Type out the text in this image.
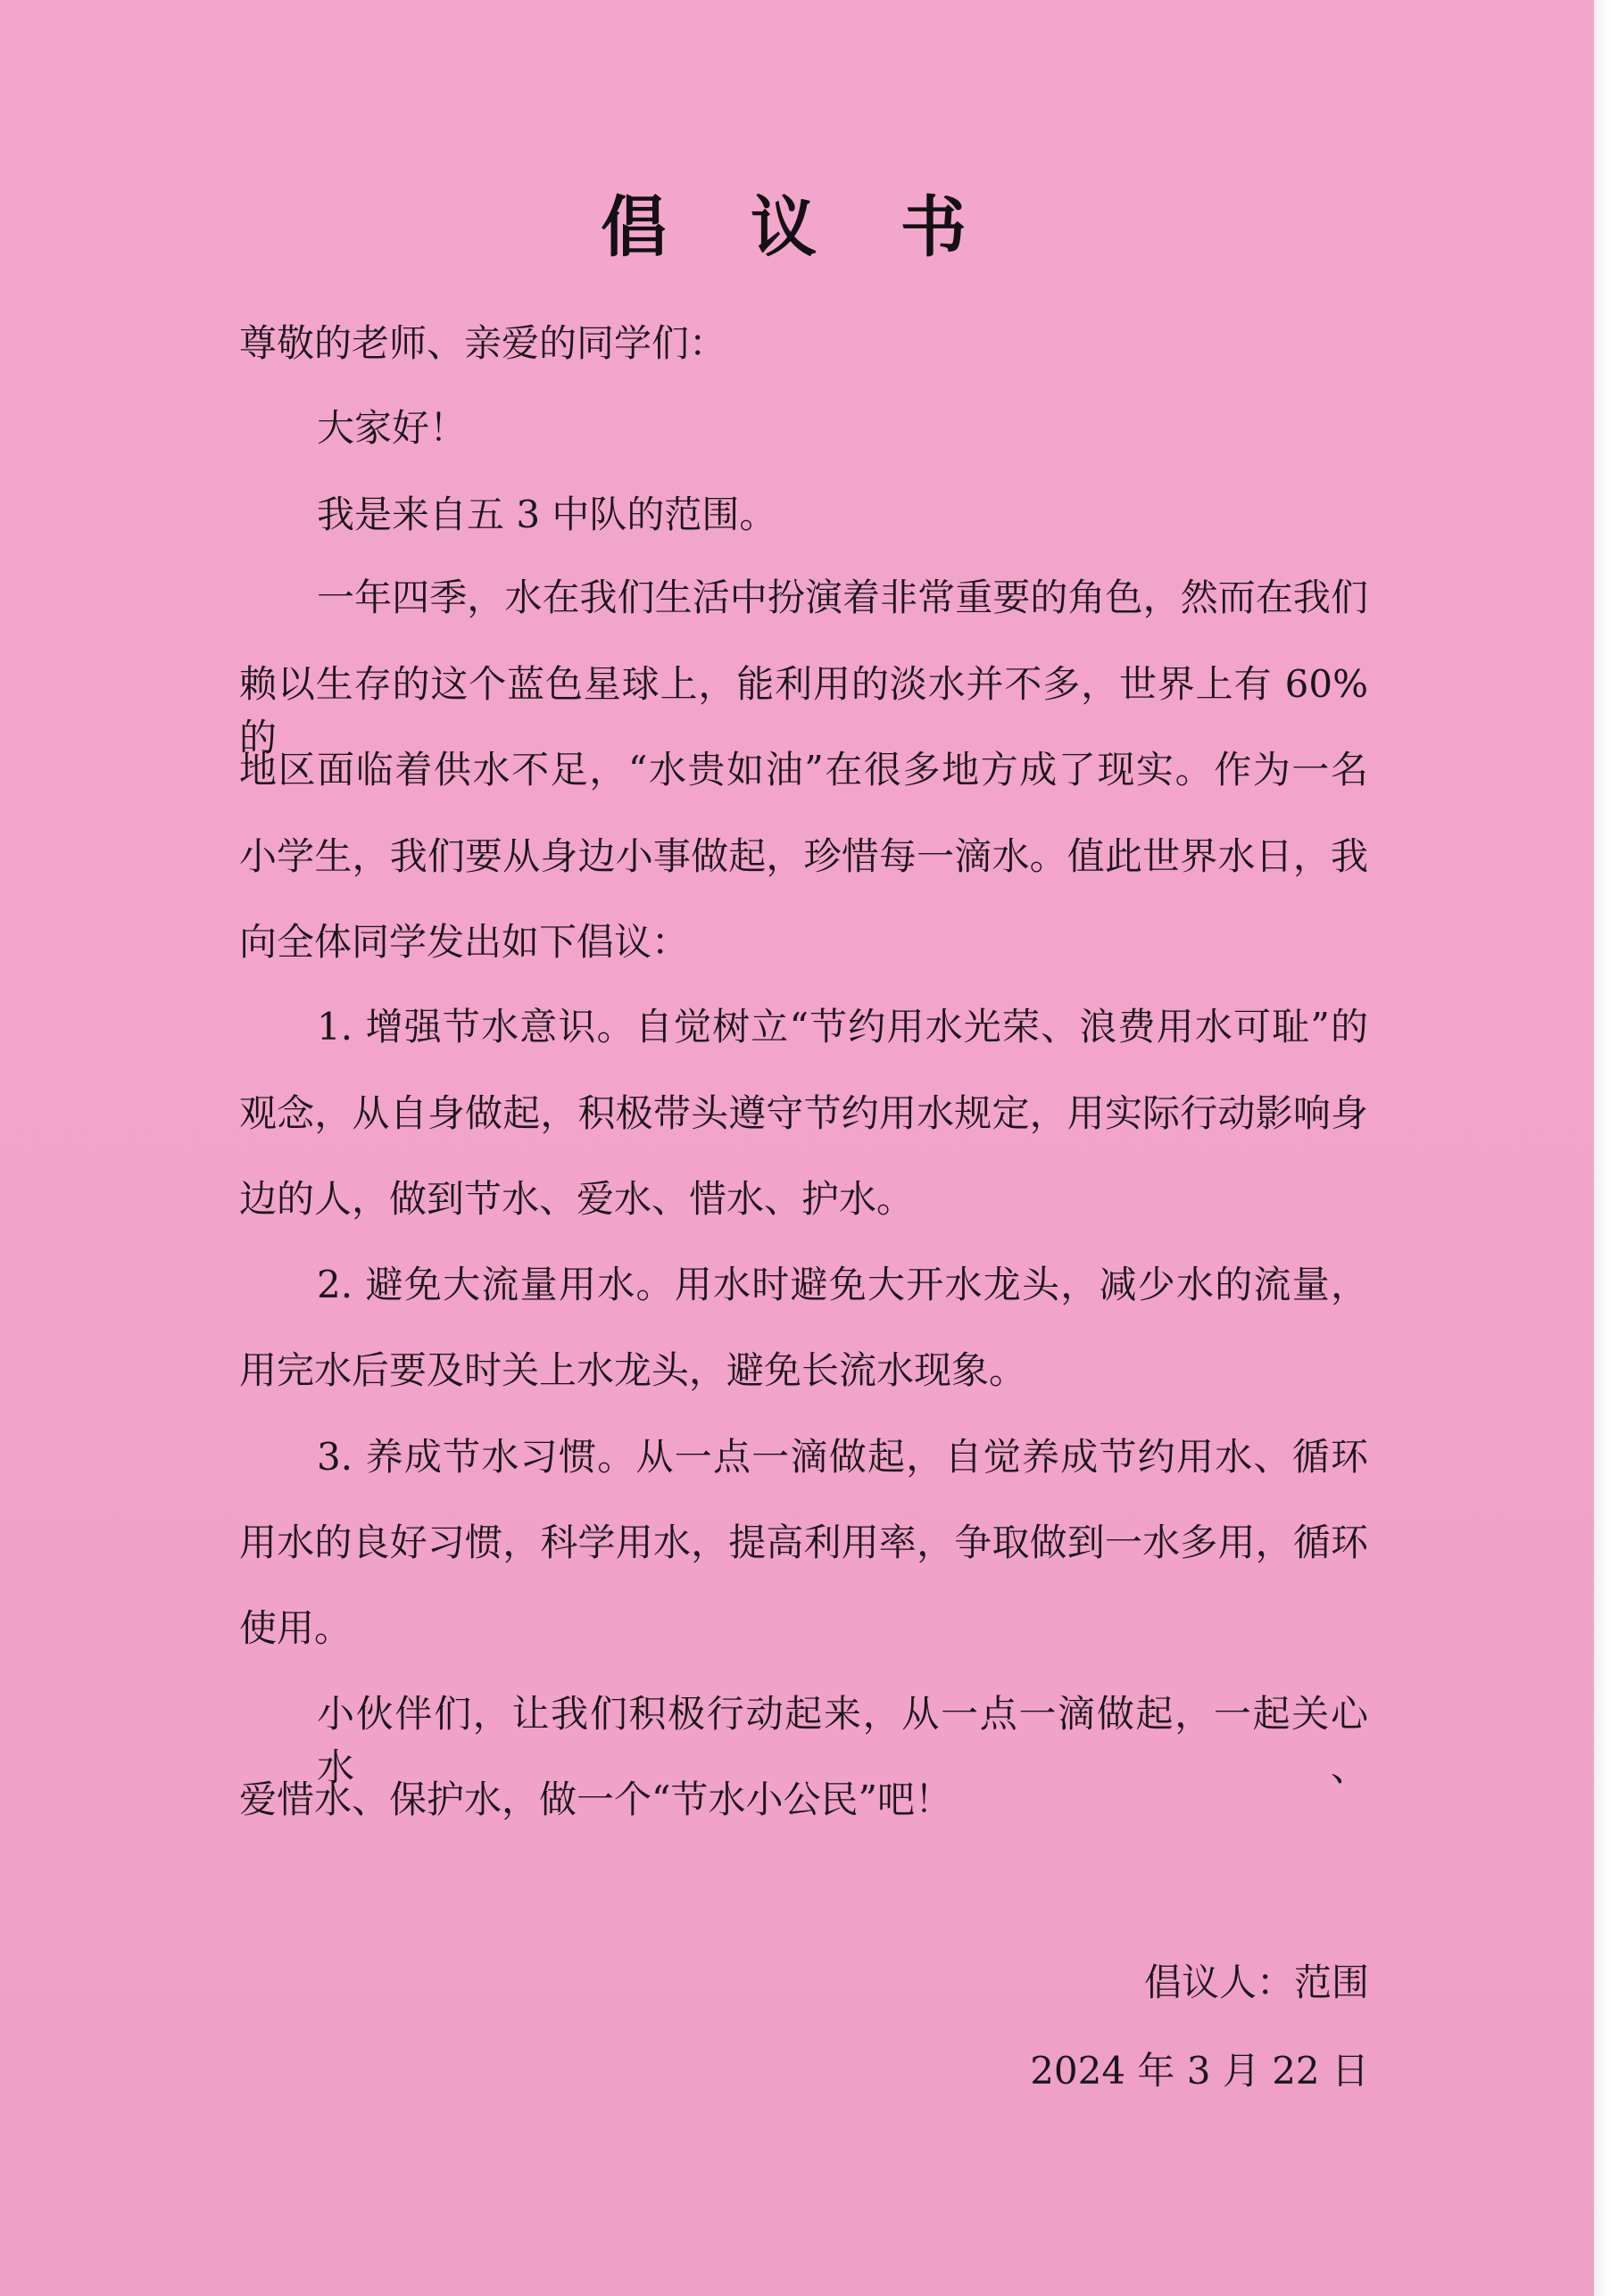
倡 议 书

尊敬的老师、亲爱的同学们：

大家好！

我是来自五 3 中队的范围。

一年四季，水在我们生活中扮演着非常重要的角色，然而在我们

赖以生存的这个蓝色星球上，能利用的淡水并不多，世界上有 60%的

地区面临着供水不足，“水贵如油”在很多地方成了现实。作为一名

小学生，我们要从身边小事做起，珍惜每一滴水。值此世界水日，我

向全体同学发出如下倡议：

1. 增强节水意识。自觉树立“节约用水光荣、浪费用水可耻”的

观念，从自身做起，积极带头遵守节约用水规定，用实际行动影响身

边的人，做到节水、爱水、惜水、护水。

2. 避免大流量用水。用水时避免大开水龙头，减少水的流量，

用完水后要及时关上水龙头，避免长流水现象。

3. 养成节水习惯。从一点一滴做起，自觉养成节约用水、循环

用水的良好习惯，科学用水，提高利用率，争取做到一水多用，循环

使用。

小伙伴们，让我们积极行动起来，从一点一滴做起，一起关心水、

爱惜水、保护水，做一个“节水小公民”吧！

倡议人：范围
2024 年 3 月 22 日
